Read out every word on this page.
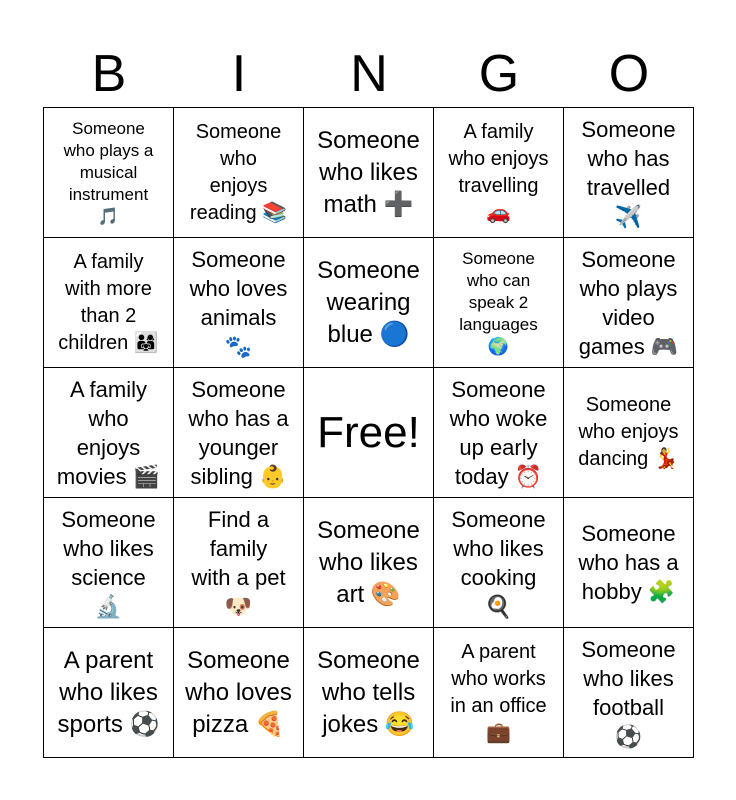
B	I	N	G	O
Someone
who plays a
musical
instrument
🎵
Someone
who
enjoys
reading 📚
Someone
who likes
math ➕
A family
who enjoys
travelling
🚗
Someone
who has
travelled
✈️
A family
with more
than 2
children 👨‍👩‍👧
Someone
who loves
animals
🐾
Someone
wearing
blue 🔵
Someone
who can
speak 2
languages
🌍
Someone
who plays
video
games 🎮
A family
who
enjoys
movies 🎬
Someone
who has a
younger
sibling 👶
Free!
Someone
who woke
up early
today ⏰
Someone
who enjoys
dancing 💃
Someone
who likes
science
🔬
Find a
family
with a pet
🐶
Someone
who likes
art 🎨
Someone
who likes
cooking
🍳
Someone
who has a
hobby 🧩
A parent
who likes
sports ⚽
Someone
who loves
pizza 🍕
Someone
who tells
jokes 😂
A parent
who works
in an office
💼
Someone
who likes
football
⚽
